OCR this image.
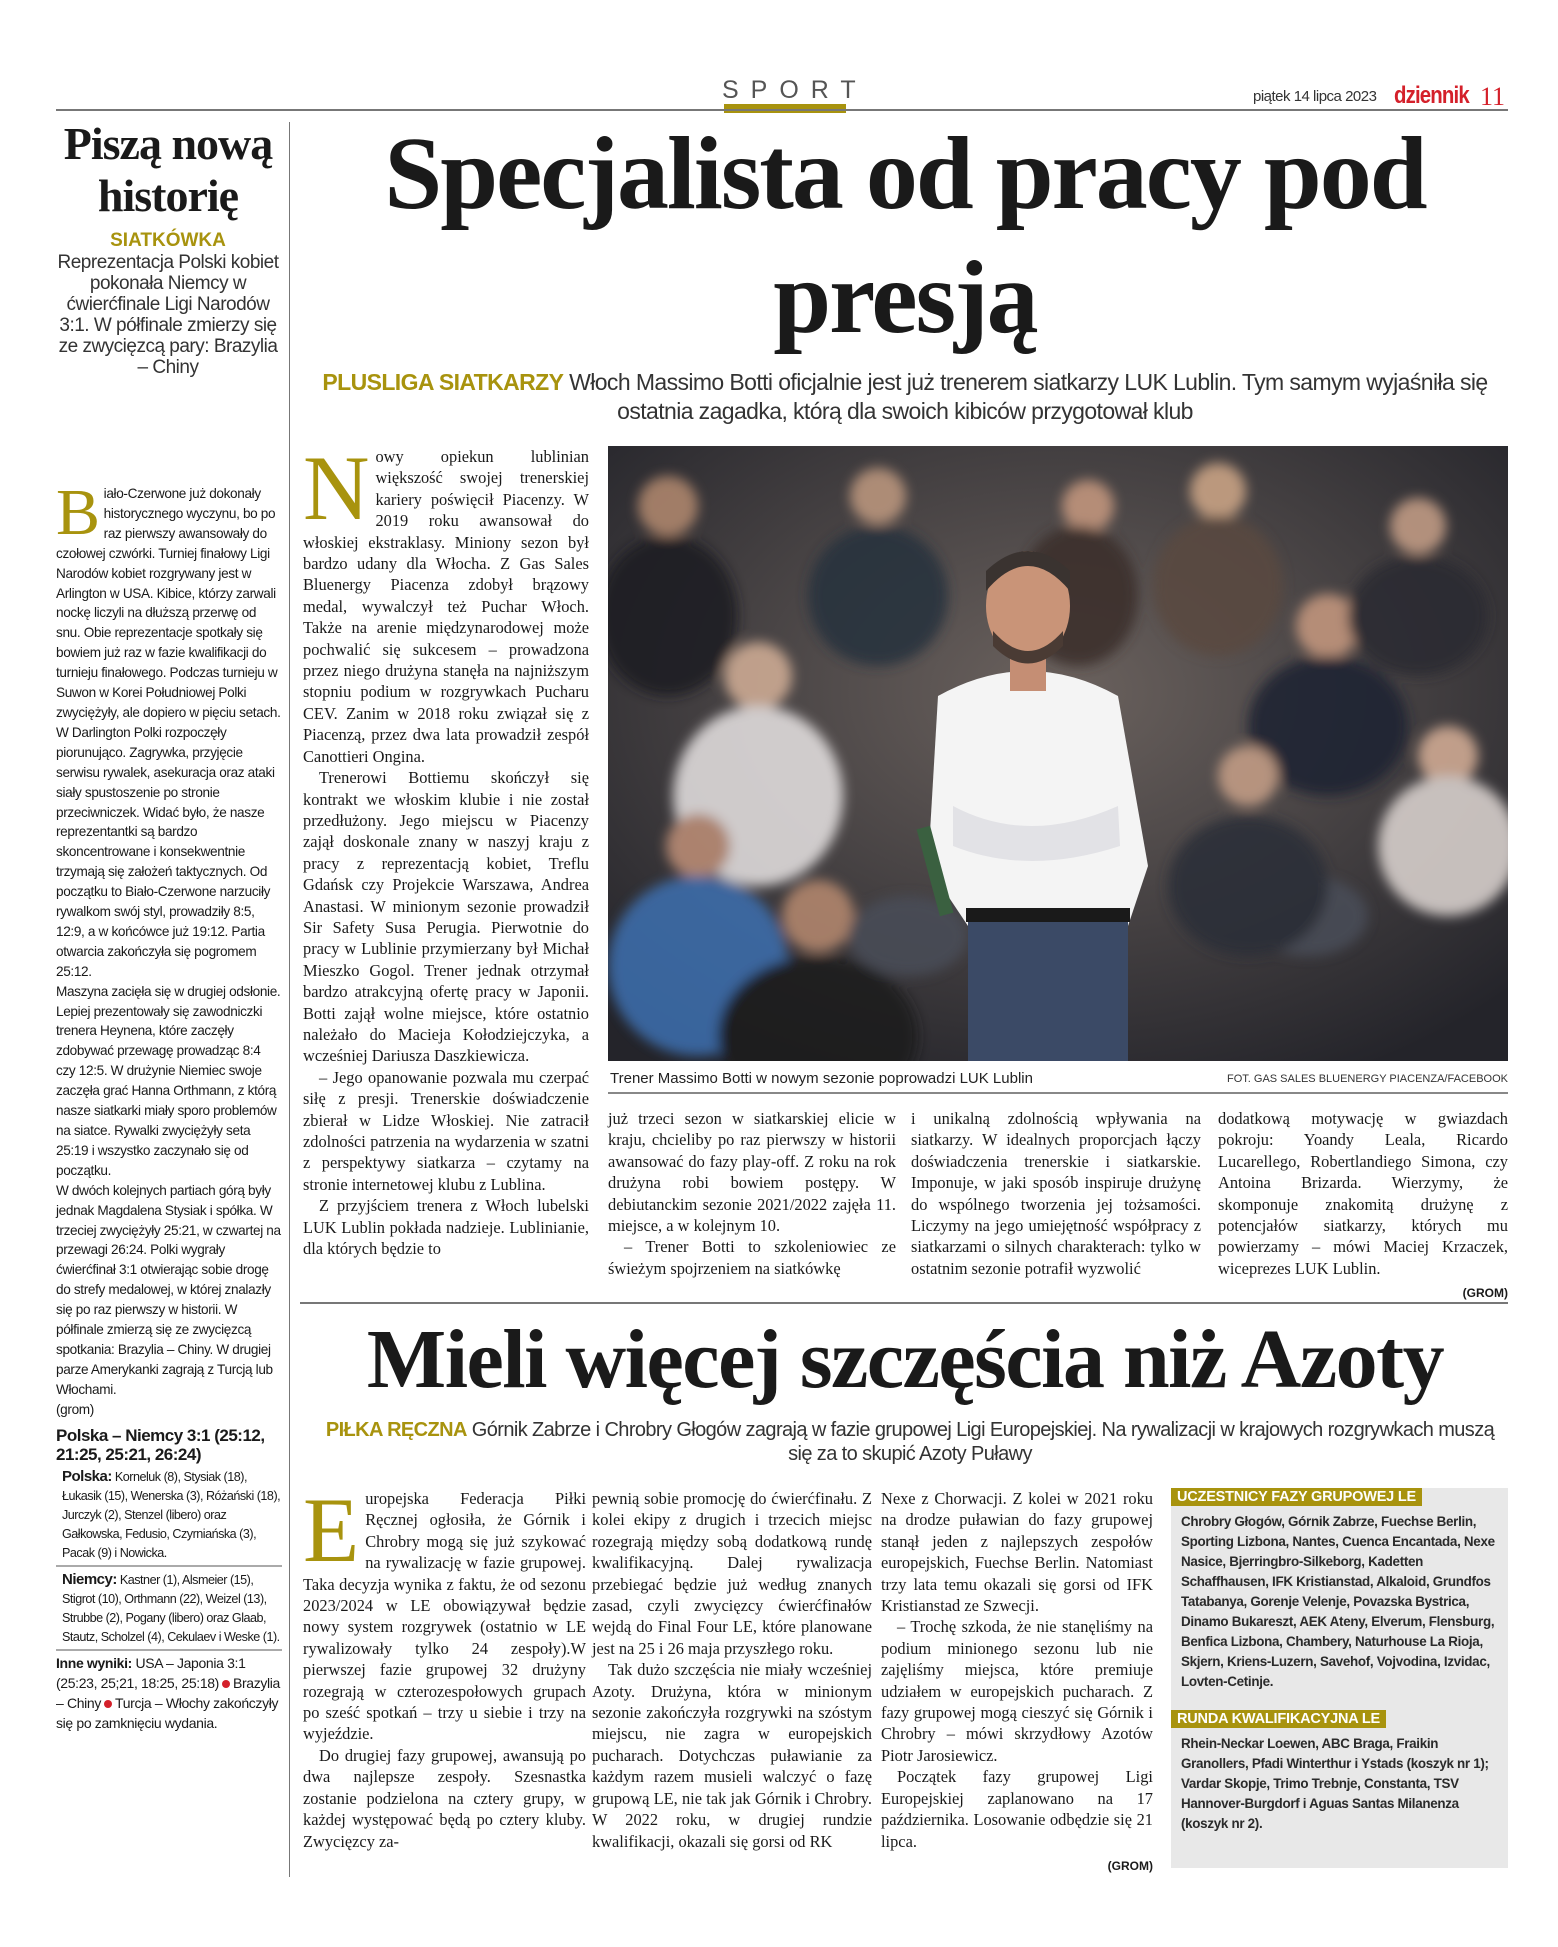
SPORT	piątek 14 lipca 2023 dziennik 11
Piszą nową historię
SIATKÓWKA
Reprezentacja Polski kobiet pokonała Niemcy w ćwierćfinale Ligi Narodów 3:1. W półfinale zmierzy się ze zwycięzcą pary: Brazylia – Chiny

Biało-Czerwone już dokonały historycznego wyczynu, bo po raz pierwszy awansowały do czołowej czwórki. Turniej finałowy Ligi Narodów kobiet rozgrywany jest w Arlington w USA. Kibice, którzy zarwali nockę liczyli na dłuższą przerwę od snu. Obie reprezentacje spotkały się bowiem już raz w fazie kwalifikacji do turnieju finałowego. Podczas turnieju w Suwon w Korei Południowej Polki zwyciężyły, ale dopiero w pięciu setach.

W Darlington Polki rozpoczęły piorunująco. Zagrywka, przyjęcie serwisu rywalek, asekuracja oraz ataki siały spustoszenie po stronie przeciwniczek. Widać było, że nasze reprezentantki są bardzo skoncentrowane i konsekwentnie trzymają się założeń taktycznych. Od początku to Biało-Czerwone narzuciły rywalkom swój styl, prowadziły 8:5, 12:9, a w końcówce już 19:12. Partia otwarcia zakończyła się pogromem 25:12.

Maszyna zacięła się w drugiej odsłonie. Lepiej prezentowały się zawodniczki trenera Heynena, które zaczęły zdobywać przewagę prowadząc 8:4 czy 12:5. W drużynie Niemiec swoje zaczęła grać Hanna Orthmann, z którą nasze siatkarki miały sporo problemów na siatce. Rywalki zwyciężyły seta 25:19 i wszystko zaczynało się od początku.

W dwóch kolejnych partiach górą były jednak Magdalena Stysiak i spółka. W trzeciej zwyciężyły 25:21, w czwartej na przewagi 26:24. Polki wygrały ćwierćfinał 3:1 otwierając sobie drogę do strefy medalowej, w której znalazły się po raz pierwszy w historii. W półfinale zmierzą się ze zwycięzcą spotkania: Brazylia – Chiny. W drugiej parze Amerykanki zagrają z Turcją lub Włochami.

(grom)

Polska – Niemcy 3:1 (25:12, 21:25, 25:21, 26:24)
Polska: Korneluk (8), Stysiak (18), Łukasik (15), Wenerska (3), Różański (18), Jurczyk (2), Stenzel (libero) oraz Gałkowska, Fedusio, Czyrniańska (3), Pacak (9) i Nowicka.
Niemcy: Kastner (1), Alsmeier (15), Stigrot (10), Orthmann (22), Weizel (13), Strubbe (2), Pogany (libero) oraz Glaab, Stautz, Scholzel (4), Cekulaev i Weske (1).
Inne wyniki: USA – Japonia 3:1 (25:23, 25;21, 18:25, 25:18) Brazylia – Chiny Turcja – Włochy zakończyły się po zamknięciu wydania.
Specjalista od pracy pod presją
PLUSLIGA SIATKARZY Włoch Massimo Botti oficjalnie jest już trenerem siatkarzy LUK Lublin. Tym samym wyjaśniła się ostatnia zagadka, którą dla swoich kibiców przygotował klub

Nowy opiekun lublinian większość swojej trenerskiej kariery poświęcił Piacenzy. W 2019 roku awansował do włoskiej ekstraklasy. Miniony sezon był bardzo udany dla Włocha. Z Gas Sales Bluenergy Piacenza zdobył brązowy medal, wywalczył też Puchar Włoch. Także na arenie międzynarodowej może pochwalić się sukcesem – prowadzona przez niego drużyna stanęła na najniższym stopniu podium w rozgrywkach Pucharu CEV. Zanim w 2018 roku związał się z Piacenzą, przez dwa lata prowadził zespół Canottieri Ongina.

Trenerowi Bottiemu skończył się kontrakt we włoskim klubie i nie został przedłużony. Jego miejscu w Piacenzy zajął doskonale znany w naszyj kraju z pracy z reprezentacją kobiet, Treflu Gdańsk czy Projekcie Warszawa, Andrea Anastasi. W minionym sezonie prowadził Sir Safety Susa Perugia. Pierwotnie do pracy w Lublinie przymierzany był Michał Mieszko Gogol. Trener jednak otrzymał bardzo atrakcyjną ofertę pracy w Japonii. Botti zajął wolne miejsce, które ostatnio należało do Macieja Kołodziejczyka, a wcześniej Dariusza Daszkiewicza.

– Jego opanowanie pozwala mu czerpać siłę z presji. Trenerskie doświadczenie zbierał w Lidze Włoskiej. Nie zatracił zdolności patrzenia na wydarzenia w szatni z perspektywy siatkarza – czytamy na stronie internetowej klubu z Lublina.

Z przyjściem trenera z Włoch lubelski LUK Lublin pokłada nadzieje. Lublinianie, dla których będzie to

Trener Massimo Botti w nowym sezonie poprowadzi LUK Lublin	FOT. GAS SALES BLUENERGY PIACENZA/FACEBOOK

już trzeci sezon w siatkarskiej elicie w kraju, chcieliby po raz pierwszy w historii awansować do fazy play-off. Z roku na rok drużyna robi bowiem postępy. W debiutanckim sezonie 2021/2022 zajęła 11. miejsce, a w kolejnym 10.

– Trener Botti to szkoleniowiec ze świeżym spojrzeniem na siatkówkę

i unikalną zdolnością wpływania na siatkarzy. W idealnych proporcjach łączy doświadczenia trenerskie i siatkarskie. Imponuje, w jaki sposób inspiruje drużynę do wspólnego tworzenia jej tożsamości. Liczymy na jego umiejętność współpracy z siatkarzami o silnych charakterach: tylko w ostatnim sezonie potrafił wyzwolić

dodatkową motywację w gwiazdach pokroju: Yoandy Leala, Ricardo Lucarellego, Robertlandiego Simona, czy Antoina Brizarda. Wierzymy, że skomponuje znakomitą drużynę z potencjałów siatkarzy, których mu powierzamy – mówi Maciej Krzaczek, wiceprezes LUK Lublin.

(GROM)
Mieli więcej szczęścia niż Azoty
PIŁKA RĘCZNA Górnik Zabrze i Chrobry Głogów zagrają w fazie grupowej Ligi Europejskiej. Na rywalizacji w krajowych rozgrywkach muszą się za to skupić Azoty Puławy

Europejska Federacja Piłki Ręcznej ogłosiła, że Górnik i Chrobry mogą się już szykować na rywalizację w fazie grupowej. Taka decyzja wynika z faktu, że od sezonu 2023/2024 w LE obowiązywał będzie nowy system rozgrywek (ostatnio w LE rywalizowały tylko 24 zespoły).W pierwszej fazie grupowej 32 drużyny rozegrają w czterozespołowych grupach po sześć spotkań – trzy u siebie i trzy na wyjeździe.

Do drugiej fazy grupowej, awansują po dwa najlepsze zespoły. Szesnastka zostanie podzielona na cztery grupy, w każdej występować będą po cztery kluby. Zwycięzcy za-

pewnią sobie promocję do ćwierćfinału. Z kolei ekipy z drugich i trzecich miejsc rozegrają między sobą dodatkową rundę kwalifikacyjną. Dalej rywalizacja przebiegać będzie już według znanych zasad, czyli zwycięzcy ćwierćfinałów wejdą do Final Four LE, które planowane jest na 25 i 26 maja przyszłego roku.

Tak dużo szczęścia nie miały wcześniej Azoty. Drużyna, która w minionym sezonie zakończyła rozgrywki na szóstym miejscu, nie zagra w europejskich pucharach. Dotychczas puławianie za każdym razem musieli walczyć o fazę grupową LE, nie tak jak Górnik i Chrobry. W 2022 roku, w drugiej rundzie kwalifikacji, okazali się gorsi od RK

Nexe z Chorwacji. Z kolei w 2021 roku na drodze puławian do fazy grupowej stanął jeden z najlepszych zespołów europejskich, Fuechse Berlin. Natomiast trzy lata temu okazali się gorsi od IFK Kristianstad ze Szwecji.

– Trochę szkoda, że nie stanęliśmy na podium minionego sezonu lub nie zajęliśmy miejsca, które premiuje udziałem w europejskich pucharach. Z fazy grupowej mogą cieszyć się Górnik i Chrobry – mówi skrzydłowy Azotów Piotr Jarosiewicz.

Początek fazy grupowej Ligi Europejskiej zaplanowano na 17 października. Losowanie odbędzie się 21 lipca.

(GROM)
UCZESTNICY FAZY GRUPOWEJ LE
Chrobry Głogów, Górnik Zabrze, Fuechse Berlin, Sporting Lizbona, Nantes, Cuenca Encantada, Nexe Nasice, Bjerringbro-Silkeborg, Kadetten Schaffhausen, IFK Kristianstad, Alkaloid, Grundfos Tatabanya, Gorenje Velenje, Povazska Bystrica, Dinamo Bukareszt, AEK Ateny, Elverum, Flensburg, Benfica Lizbona, Chambery, Naturhouse La Rioja, Skjern, Kriens-Luzern, Savehof, Vojvodina, Izvidac, Lovten-Cetinje.
RUNDA KWALIFIKACYJNA LE
Rhein-Neckar Loewen, ABC Braga, Fraikin Granollers, Pfadi Winterthur i Ystads (koszyk nr 1); Vardar Skopje, Trimo Trebnje, Constanta, TSV Hannover-Burgdorf i Aguas Santas Milanenza (koszyk nr 2).
